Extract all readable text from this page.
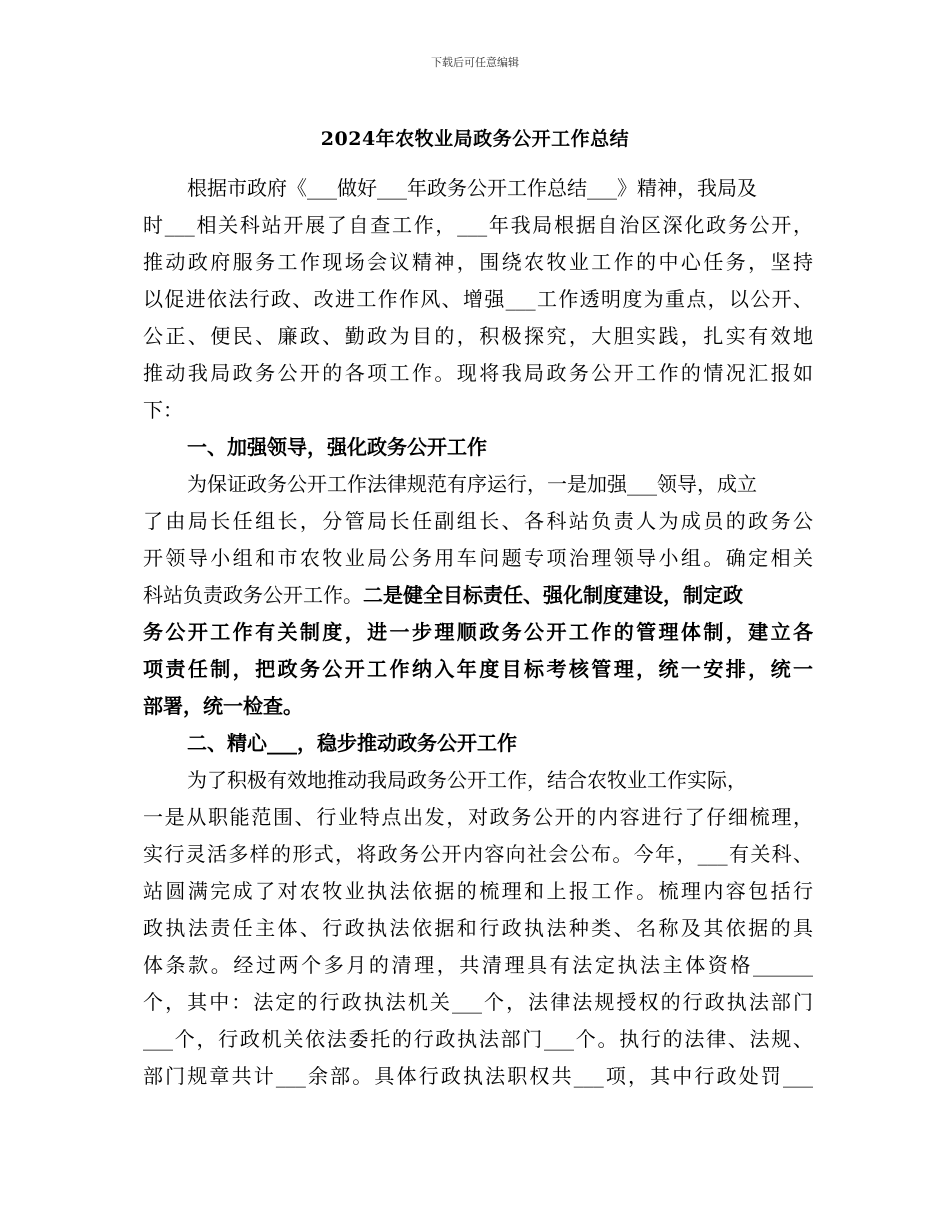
下载后可任意编辑
2024年农牧业局政务公开工作总结
根据市政府《___做好___年政务公开工作总结___》精神，我局及
时___相关科站开展了自查工作，___年我局根据自治区深化政务公开，
推动政府服务工作现场会议精神，围绕农牧业工作的中心任务，坚持
以促进依法行政、改进工作作风、增强___工作透明度为重点，以公开、
公正、便民、廉政、勤政为目的，积极探究，大胆实践，扎实有效地
推动我局政务公开的各项工作。现将我局政务公开工作的情况汇报如
下：
一、加强领导，强化政务公开工作
为保证政务公开工作法律规范有序运行，一是加强___领导，成立
了由局长任组长，分管局长任副组长、各科站负责人为成员的政务公
开领导小组和市农牧业局公务用车问题专项治理领导小组。确定相关
科站负责政务公开工作。二是健全目标责任、强化制度建设，制定政
务公开工作有关制度，进一步理顺政务公开工作的管理体制，建立各
项责任制，把政务公开工作纳入年度目标考核管理，统一安排，统一
部署，统一检查。
二、精心___，稳步推动政务公开工作
为了积极有效地推动我局政务公开工作，结合农牧业工作实际，
一是从职能范围、行业特点出发，对政务公开的内容进行了仔细梳理，
实行灵活多样的形式，将政务公开内容向社会公布。今年，___有关科、
站圆满完成了对农牧业执法依据的梳理和上报工作。梳理内容包括行
政执法责任主体、行政执法依据和行政执法种类、名称及其依据的具
体条款。经过两个多月的清理，共清理具有法定执法主体资格______
个，其中：法定的行政执法机关___个，法律法规授权的行政执法部门
___个，行政机关依法委托的行政执法部门___个。执行的法律、法规、
部门规章共计___余部。具体行政执法职权共___项，其中行政处罚___
